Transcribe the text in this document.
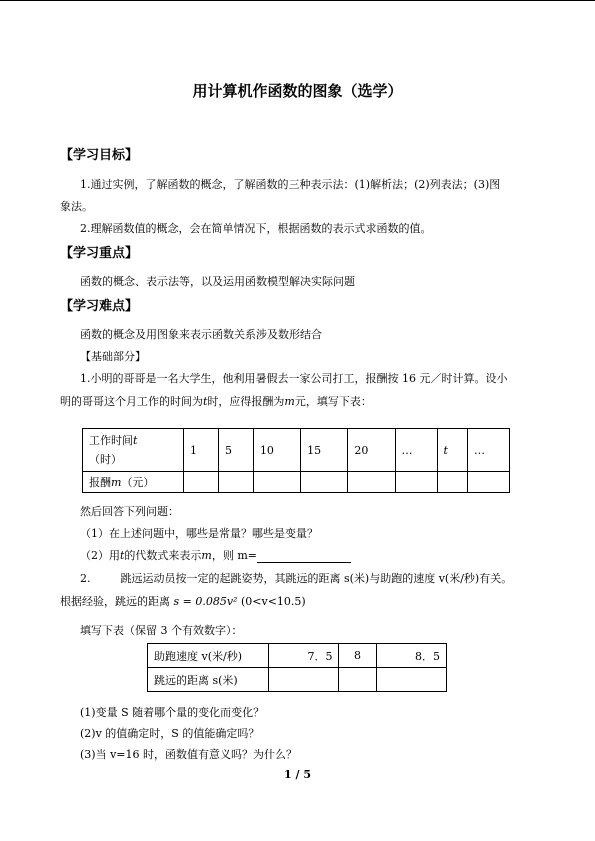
用计算机作函数的图象（选学）
【学习目标】
1.通过实例，了解函数的概念，了解函数的三种表示法：(1)解析法；(2)列表法；(3)图
象法。
2.理解函数值的概念，会在简单情况下，根据函数的表示式求函数的值。
【学习重点】
函数的概念、表示法等，以及运用函数模型解决实际问题
【学习难点】
函数的概念及用图象来表示函数关系涉及数形结合
【基础部分】
1.小明的哥哥是一名大学生，他利用暑假去一家公司打工，报酬按 16 元／时计算。设小
明的哥哥这个月工作的时间为t时，应得报酬为m元，填写下表：
工作时间t
（时）	1	5	10	15	20	…	t	…
报酬m（元）								
然后回答下列问题：
（1）在上述问题中，哪些是常量？哪些是变量？
（2）用t的代数式来表示m，则 m=
2.	跳远运动员按一定的起跳姿势，其跳远的距离 s(米)与助跑的速度 v(米/秒)有关。
根据经验，跳远的距离 s = 0.085v² (0<v<10.5)
填写下表（保留 3 个有效数字）：
助跑速度 v(米/秒)	7．5	8	8．5
跳远的距离 s(米)			
(1)变量 S 随着哪个量的变化而变化？
(2)v 的值确定时，S 的值能确定吗？
(3)当 v=16 时，函数值有意义吗？为什么？
1 / 5
